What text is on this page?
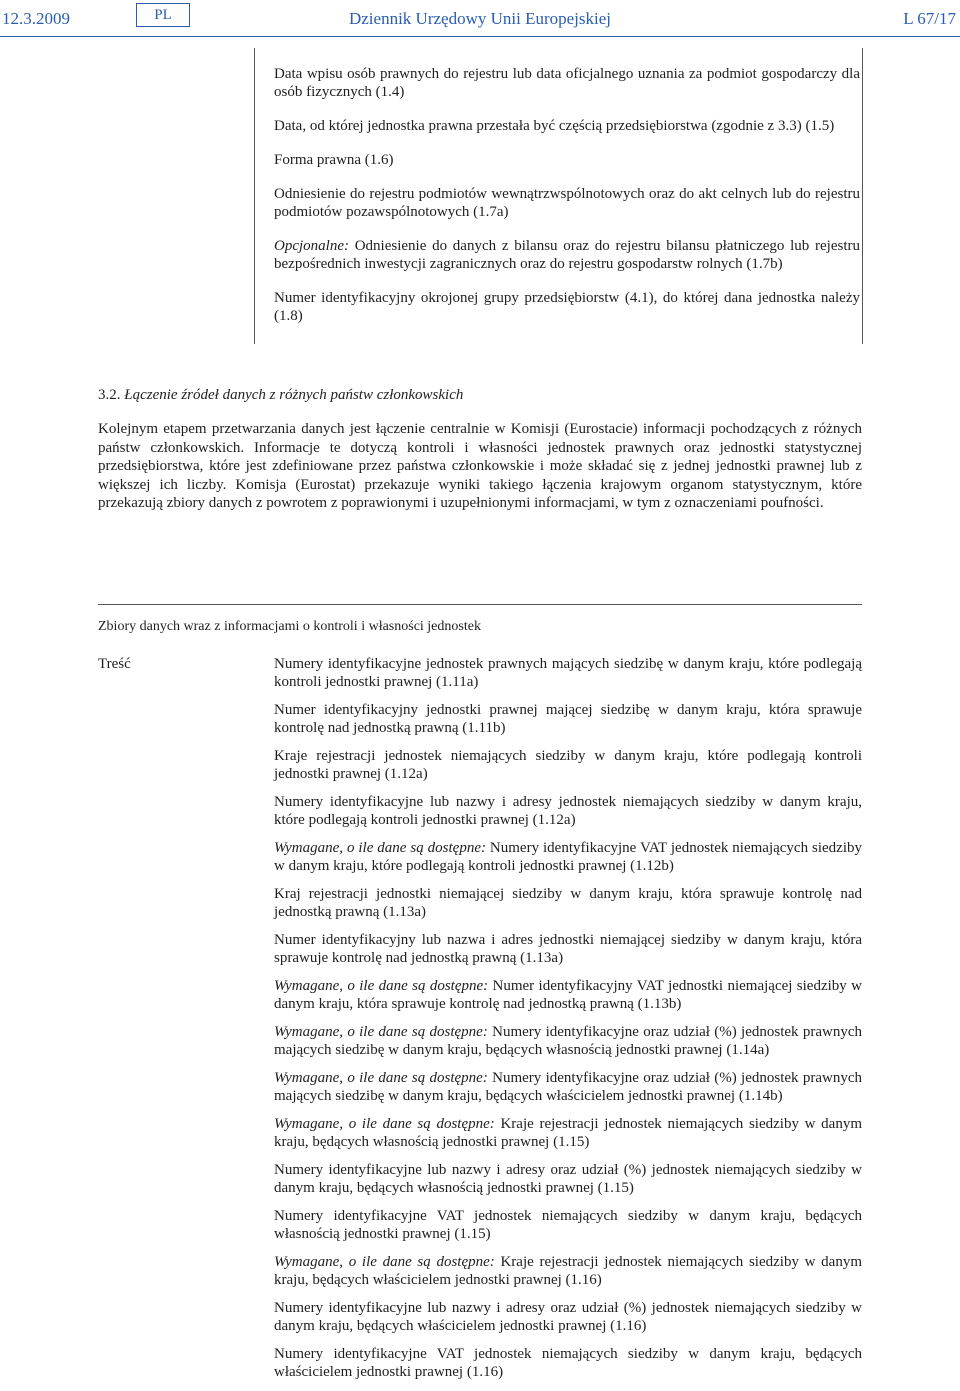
12.3.2009	PL	Dziennik Urzędowy Unii Europejskiej	L 67/17

Data wpisu osób prawnych do rejestru lub data oficjalnego uznania za podmiot gospodarczy dla osób fizycznych (1.4)

Data, od której jednostka prawna przestała być częścią przedsiębiorstwa (zgodnie z 3.3) (1.5)

Forma prawna (1.6)

Odniesienie do rejestru podmiotów wewnątrzwspólnotowych oraz do akt celnych lub do rejestru podmiotów pozawspólnotowych (1.7a)

Opcjonalne: Odniesienie do danych z bilansu oraz do rejestru bilansu płatniczego lub rejestru bezpośrednich inwestycji zagranicznych oraz do rejestru gospodarstw rolnych (1.7b)

Numer identyfikacyjny okrojonej grupy przedsiębiorstw (4.1), do której dana jednostka należy (1.8)

3.2. Łączenie źródeł danych z różnych państw członkowskich

Kolejnym etapem przetwarzania danych jest łączenie centralnie w Komisji (Eurostacie) informacji pochodzących z różnych państw członkowskich. Informacje te dotyczą kontroli i własności jednostek prawnych oraz jednostki statystycznej przedsiębiorstwa, które jest zdefiniowane przez państwa członkowskie i może składać się z jednej jednostki prawnej lub z większej ich liczby. Komisja (Eurostat) przekazuje wyniki takiego łączenia krajowym organom statystycznym, które przekazują zbiory danych z powrotem z poprawionymi i uzupełnionymi informacjami, w tym z oznaczeniami poufności.

Zbiory danych wraz z informacjami o kontroli i własności jednostek
Treść	Numery identyfikacyjne jednostek prawnych mających siedzibę w danym kraju, które podlegają kontroli jednostki prawnej (1.11a)

Numer identyfikacyjny jednostki prawnej mającej siedzibę w danym kraju, która sprawuje kontrolę nad jednostką prawną (1.11b)

Kraje rejestracji jednostek niemających siedziby w danym kraju, które podlegają kontroli jednostki prawnej (1.12a)

Numery identyfikacyjne lub nazwy i adresy jednostek niemających siedziby w danym kraju, które podlegają kontroli jednostki prawnej (1.12a)

Wymagane, o ile dane są dostępne: Numery identyfikacyjne VAT jednostek niemających siedziby w danym kraju, które podlegają kontroli jednostki prawnej (1.12b)

Kraj rejestracji jednostki niemającej siedziby w danym kraju, która sprawuje kontrolę nad jednostką prawną (1.13a)

Numer identyfikacyjny lub nazwa i adres jednostki niemającej siedziby w danym kraju, która sprawuje kontrolę nad jednostką prawną (1.13a)

Wymagane, o ile dane są dostępne: Numer identyfikacyjny VAT jednostki niemającej siedziby w danym kraju, która sprawuje kontrolę nad jednostką prawną (1.13b)

Wymagane, o ile dane są dostępne: Numery identyfikacyjne oraz udział (%) jednostek prawnych mających siedzibę w danym kraju, będących własnością jednostki prawnej (1.14a)

Wymagane, o ile dane są dostępne: Numery identyfikacyjne oraz udział (%) jednostek prawnych mających siedzibę w danym kraju, będących właścicielem jednostki prawnej (1.14b)

Wymagane, o ile dane są dostępne: Kraje rejestracji jednostek niemających siedziby w danym kraju, będących własnością jednostki prawnej (1.15)

Numery identyfikacyjne lub nazwy i adresy oraz udział (%) jednostek niemających siedziby w danym kraju, będących własnością jednostki prawnej (1.15)

Numery identyfikacyjne VAT jednostek niemających siedziby w danym kraju, będących własnością jednostki prawnej (1.15)

Wymagane, o ile dane są dostępne: Kraje rejestracji jednostek niemających siedziby w danym kraju, będących właścicielem jednostki prawnej (1.16)

Numery identyfikacyjne lub nazwy i adresy oraz udział (%) jednostek niemających siedziby w danym kraju, będących właścicielem jednostki prawnej (1.16)

Numery identyfikacyjne VAT jednostek niemających siedziby w danym kraju, będących właścicielem jednostki prawnej (1.16)
